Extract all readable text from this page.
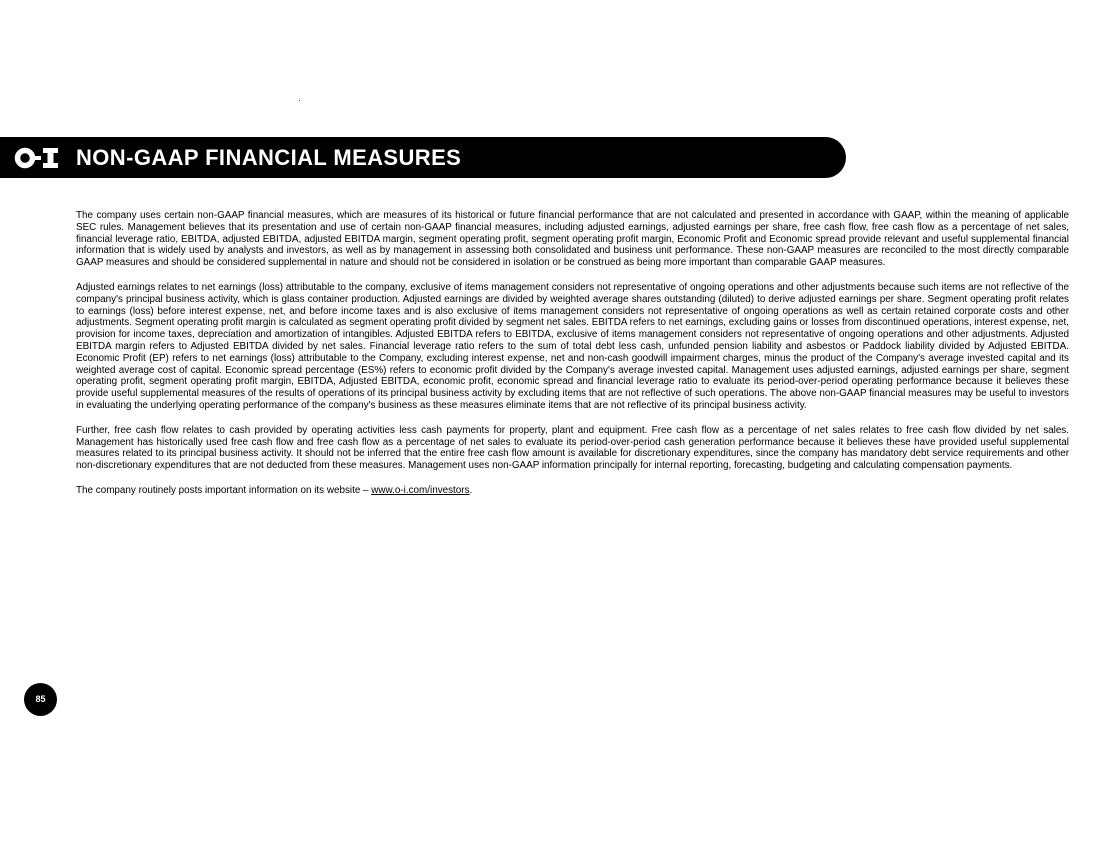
NON-GAAP FINANCIAL MEASURES

The company uses certain non-GAAP financial measures, which are measures of its historical or future financial performance that are not calculated and presented in accordance with GAAP, within the meaning of applicable SEC rules. Management believes that its presentation and use of certain non-GAAP financial measures, including adjusted earnings, adjusted earnings per share, free cash flow, free cash flow as a percentage of net sales, financial leverage ratio, EBITDA, adjusted EBITDA, adjusted EBITDA margin, segment operating profit, segment operating profit margin, Economic Profit and Economic spread provide relevant and useful supplemental financial information that is widely used by analysts and investors, as well as by management in assessing both consolidated and business unit performance. These non-GAAP measures are reconciled to the most directly comparable GAAP measures and should be considered supplemental in nature and should not be considered in isolation or be construed as being more important than comparable GAAP measures.

Adjusted earnings relates to net earnings (loss) attributable to the company, exclusive of items management considers not representative of ongoing operations and other adjustments because such items are not reflective of the company's principal business activity, which is glass container production. Adjusted earnings are divided by weighted average shares outstanding (diluted) to derive adjusted earnings per share. Segment operating profit relates to earnings (loss) before interest expense, net, and before income taxes and is also exclusive of items management considers not representative of ongoing operations as well as certain retained corporate costs and other adjustments. Segment operating profit margin is calculated as segment operating profit divided by segment net sales. EBITDA refers to net earnings, excluding gains or losses from discontinued operations, interest expense, net, provision for income taxes, depreciation and amortization of intangibles. Adjusted EBITDA refers to EBITDA, exclusive of items management considers not representative of ongoing operations and other adjustments. Adjusted EBITDA margin refers to Adjusted EBITDA divided by net sales. Financial leverage ratio refers to the sum of total debt less cash, unfunded pension liability and asbestos or Paddock liability divided by Adjusted EBITDA. Economic Profit (EP) refers to net earnings (loss) attributable to the Company, excluding interest expense, net and non-cash goodwill impairment charges, minus the product of the Company's average invested capital and its weighted average cost of capital. Economic spread percentage (ES%) refers to economic profit divided by the Company's average invested capital. Management uses adjusted earnings, adjusted earnings per share, segment operating profit, segment operating profit margin, EBITDA, Adjusted EBITDA, economic profit, economic spread and financial leverage ratio to evaluate its period-over-period operating performance because it believes these provide useful supplemental measures of the results of operations of its principal business activity by excluding items that are not reflective of such operations. The above non-GAAP financial measures may be useful to investors in evaluating the underlying operating performance of the company's business as these measures eliminate items that are not reflective of its principal business activity.

Further, free cash flow relates to cash provided by operating activities less cash payments for property, plant and equipment. Free cash flow as a percentage of net sales relates to free cash flow divided by net sales. Management has historically used free cash flow and free cash flow as a percentage of net sales to evaluate its period-over-period cash generation performance because it believes these have provided useful supplemental measures related to its principal business activity. It should not be inferred that the entire free cash flow amount is available for discretionary expenditures, since the company has mandatory debt service requirements and other non-discretionary expenditures that are not deducted from these measures. Management uses non-GAAP information principally for internal reporting, forecasting, budgeting and calculating compensation payments.

The company routinely posts important information on its website – www.o-i.com/investors.

85
